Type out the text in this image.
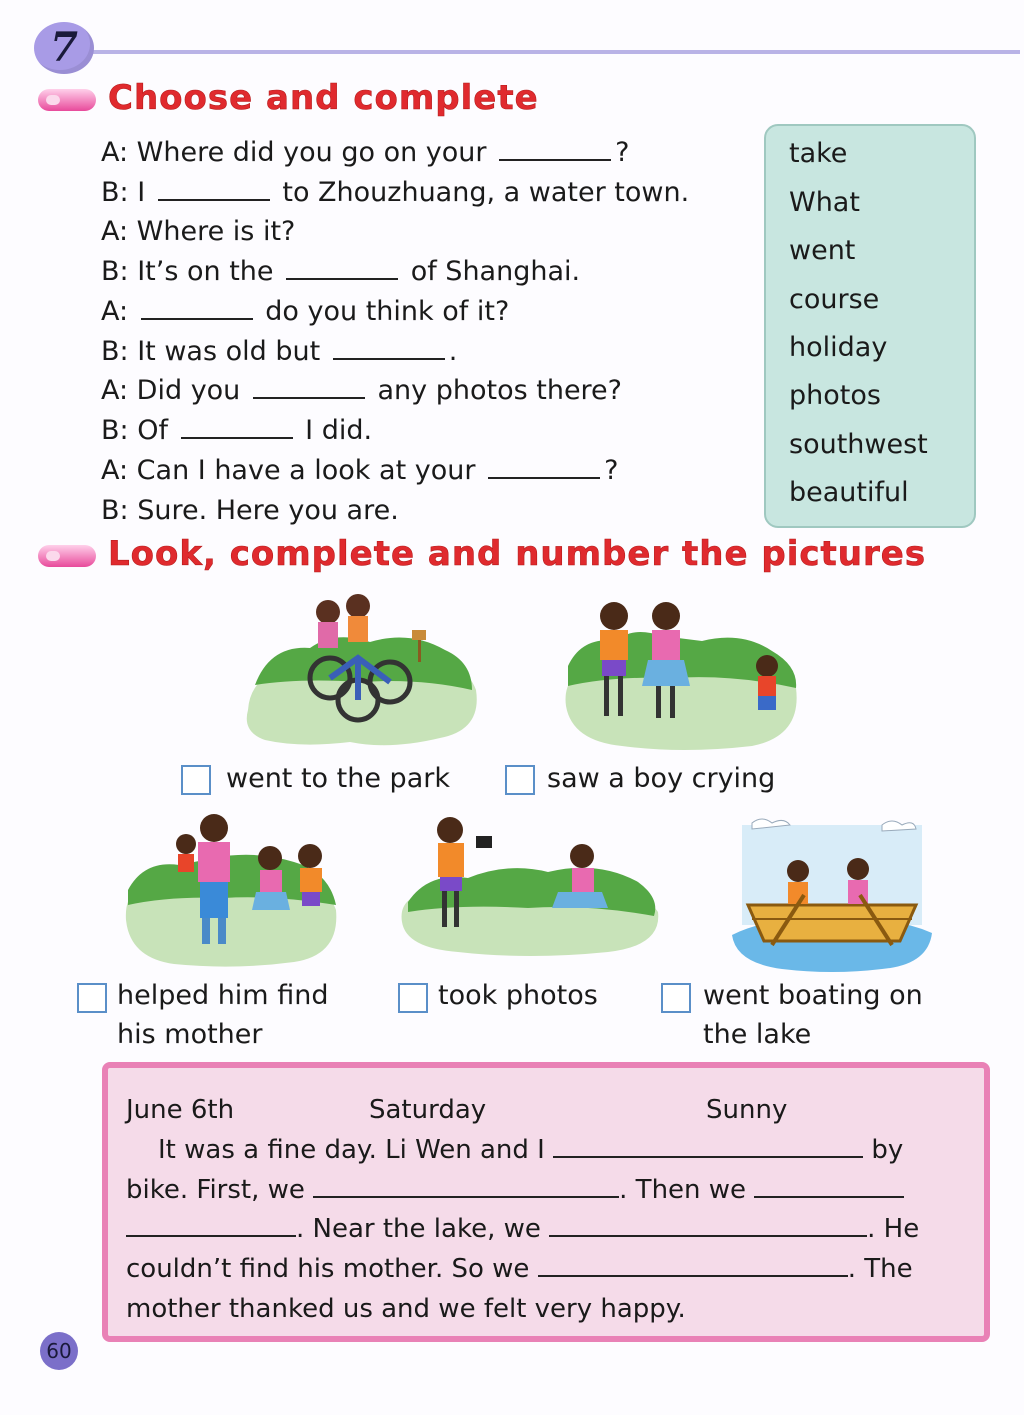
7
Choose and complete
A: Where did you go on your	?
B: I	to Zhouzhuang, a water town.
A: Where is it?
B: It’s on the	of Shanghai.
A:	do you think of it?
B: It was old but	.
A: Did you	any photos there?
B: Of	I did.
A: Can I have a look at your	?
B: Sure. Here you are.
take
What
went
course
holiday
photos
southwest
beautiful
Look, complete and number the pictures
went to the park	saw a boy crying
helped him find
his mother
took photos	went boating on
the lake
June 6th	Saturday	Sunny
It was a fine day. Li Wen and I	by
bike. First, we	. Then we
. Near the lake, we	. He
couldn’t find his mother. So we	. The
mother thanked us and we felt very happy.
60
